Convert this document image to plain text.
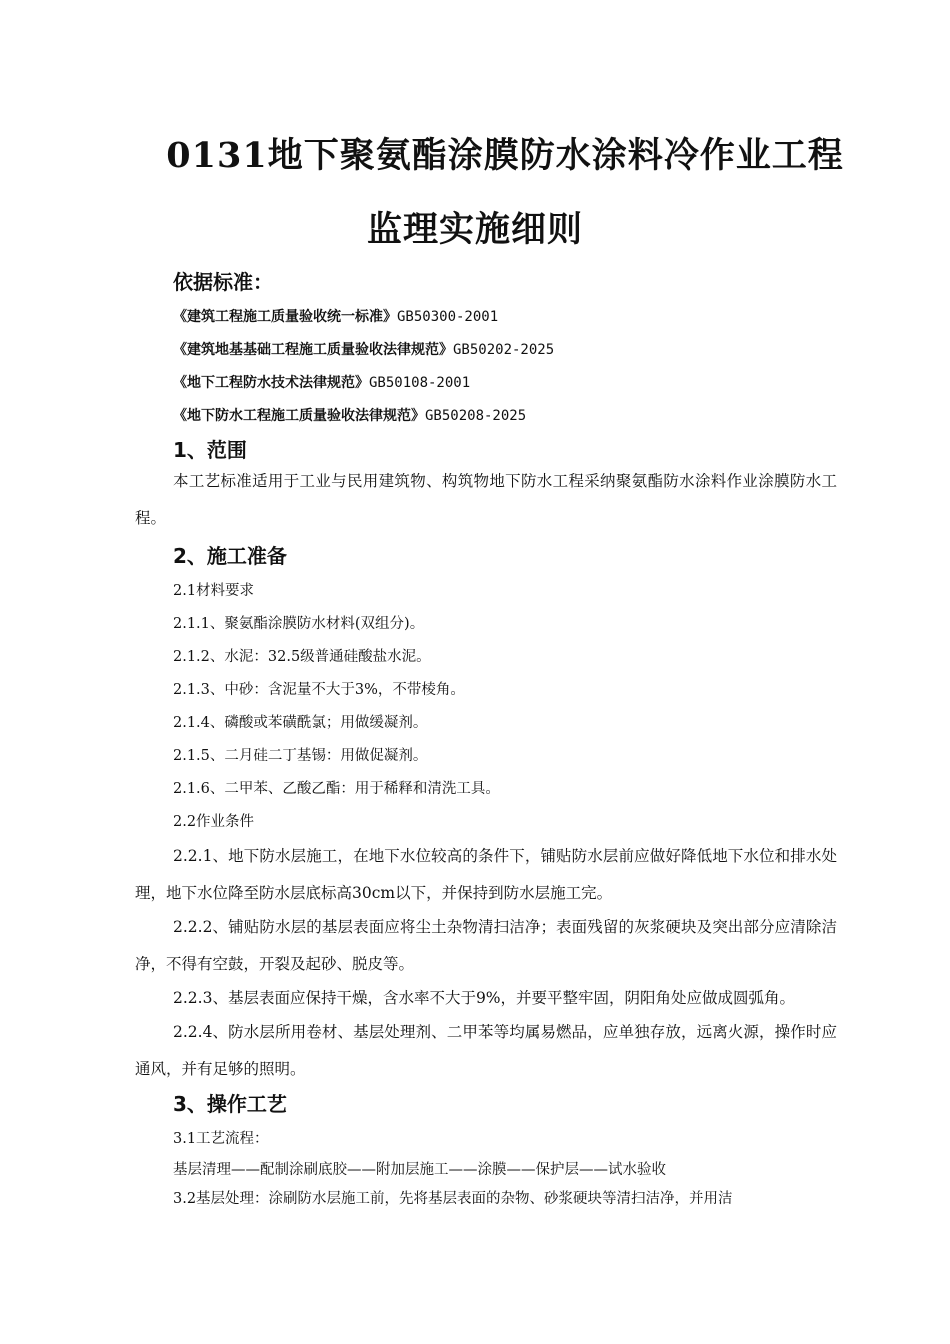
0131地下聚氨酯涂膜防水涂料冷作业工程
监理实施细则
依据标准：
《建筑工程施工质量验收统一标准》GB50300-2001
《建筑地基基础工程施工质量验收法律规范》GB50202-2025
《地下工程防水技术法律规范》GB50108-2001
《地下防水工程施工质量验收法律规范》GB50208-2025
1、范围
本工艺标准适用于工业与民用建筑物、构筑物地下防水工程采纳聚氨酯防水涂料作业涂膜防水工程。
2、施工准备
2.1材料要求
2.1.1、聚氨酯涂膜防水材料(双组分)。
2.1.2、水泥：32.5级普通硅酸盐水泥。
2.1.3、中砂：含泥量不大于3%，不带棱角。
2.1.4、磷酸或苯磺酰氯；用做缓凝剂。
2.1.5、二月硅二丁基锡：用做促凝剂。
2.1.6、二甲苯、乙酸乙酯：用于稀释和清洗工具。
2.2作业条件
2.2.1、地下防水层施工，在地下水位较高的条件下，铺贴防水层前应做好降低地下水位和排水处理，地下水位降至防水层底标高30cm以下，并保持到防水层施工完。
2.2.2、铺贴防水层的基层表面应将尘土杂物清扫洁净；表面残留的灰浆硬块及突出部分应清除洁净，不得有空鼓，开裂及起砂、脱皮等。
2.2.3、基层表面应保持干燥，含水率不大于9%，并要平整牢固，阴阳角处应做成圆弧角。
2.2.4、防水层所用卷材、基层处理剂、二甲苯等均属易燃品，应单独存放，远离火源，操作时应通风，并有足够的照明。
3、操作工艺
3.1工艺流程：
基层清理——配制涂刷底胶——附加层施工——涂膜——保护层——试水验收
3.2基层处理：涂刷防水层施工前，先将基层表面的杂物、砂浆硬块等清扫洁净，并用洁
